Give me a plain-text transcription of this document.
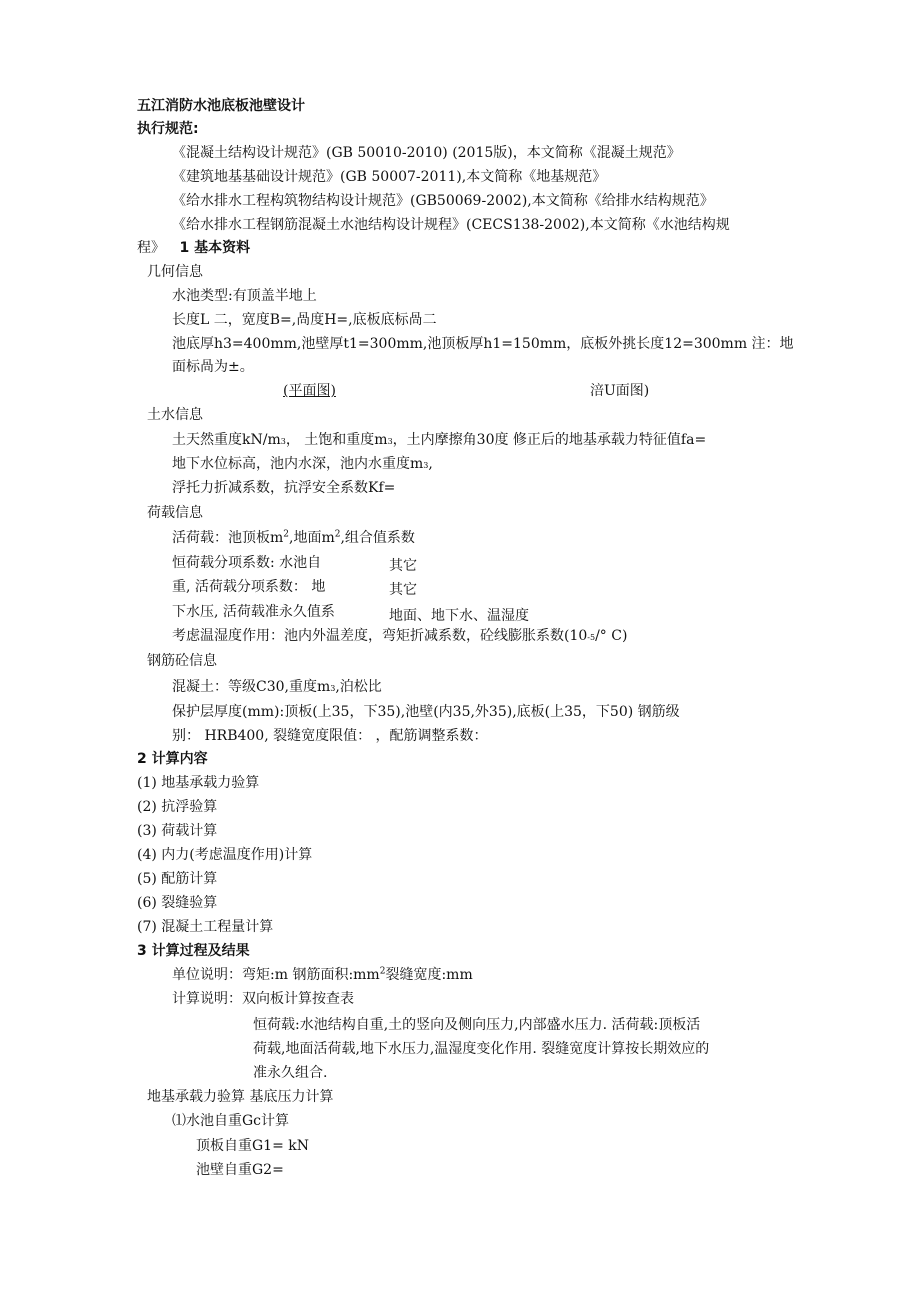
五江消防水池底板池壁设计
执行规范:
《混凝土结构设计规范》(GB 50010-2010) (2015版)，本文简称《混凝土规范》
《建筑地基基础设计规范》(GB 50007-2011),本文简称《地基规范》
《给水排水工程构筑物结构设计规范》(GB50069-2002),本文简称《给排水结构规范》
《给水排水工程钢筋混凝土水池结构设计规程》(CECS138-2002),本文简称《水池结构规
程》 1 基本资料
几何信息
水池类型:有顶盖半地上
长度L 二，宽度B=,咼度H=,底板底标咼二
池底厚h3=400mm,池壁厚t1=300mm,池顶板厚h1=150mm，底板外挑长度12=300mm 注：地
面标咼为±。
(平面图)	涪U面图)
土水信息
土天然重度kN/m3， 土饱和重度m3，土内摩擦角30度 修正后的地基承载力特征值fa=
地下水位标高，池内水深，池内水重度m3,
浮托力折减系数，抗浮安全系数Kf=
荷载信息
活荷载：池顶板$m^2$,地面$m^2$,组合值系数
恒荷载分项系数: 水池自	其它
重, 活荷载分项系数： 地	其它
下水压, 活荷载准永久值系	地面、地下水、温湿度
考虑温湿度作用：池内外温差度，弯矩折减系数，砼线膨胀系数(10-5/° C)
钢筋砼信息
混凝土：等级C30,重度m3,泊松比
保护层厚度(mm):顶板(上35，下35),池壁(内35,外35),底板(上35，下50) 钢筋级
别： HRB400, 裂缝宽度限值： ，配筋调整系数：
2 计算内容
(1) 地基承载力验算
(2) 抗浮验算
(3) 荷载计算
(4) 内力(考虑温度作用)计算
(5) 配筋计算
(6) 裂缝验算
(7) 混凝土工程量计算
3 计算过程及结果
单位说明：弯矩:m 钢筋面积$:mm^2$裂缝宽度:mm
计算说明：双向板计算按查表
恒荷载:水池结构自重,土的竖向及侧向压力,内部盛水压力. 活荷载:顶板活
荷载,地面活荷载,地下水压力,温湿度变化作用. 裂缝宽度计算按长期效应的
准永久组合.
地基承载力验算 基底压力计算
⑴水池自重Gc计算
顶板自重G1= kN
池壁自重G2=
